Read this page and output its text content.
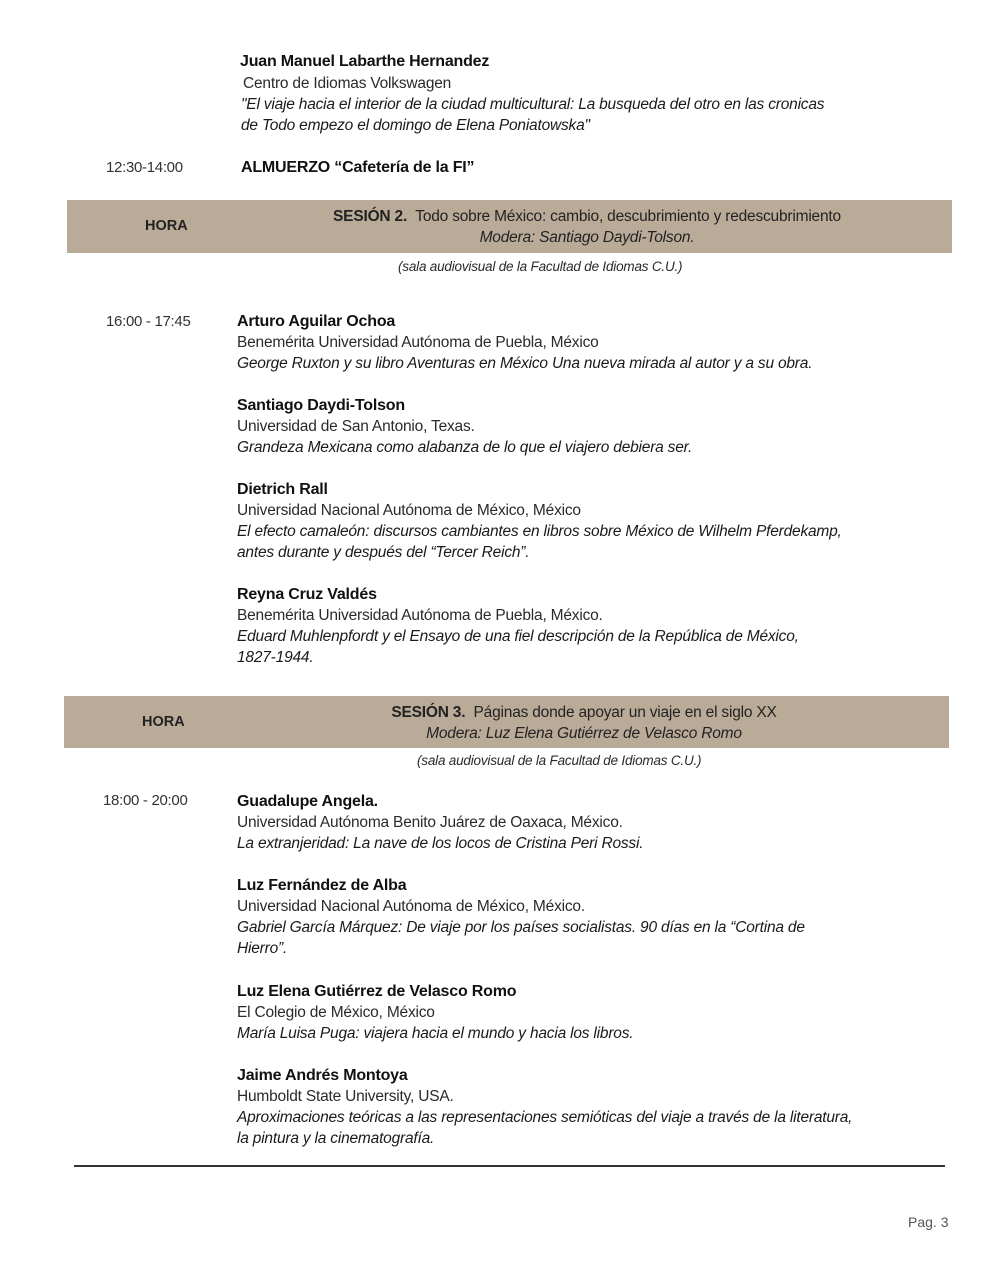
Juan Manuel Labarthe Hernandez
Centro de Idiomas Volkswagen
"El viaje hacia el interior de la ciudad multicultural: La busqueda del otro en las cronicas
de Todo empezo el domingo de Elena Poniatowska"
12:30-14:00	ALMUERZO “Cafetería de la FI”
HORA
SESIÓN 2. Todo sobre México: cambio, descubrimiento y redescubrimiento
Modera: Santiago Daydi-Tolson.
(sala audiovisual de la Facultad de Idiomas C.U.)
16:00 - 17:45	Arturo Aguilar Ochoa
Benemérita Universidad Autónoma de Puebla, México
George Ruxton y su libro Aventuras en México Una nueva mirada al autor y a su obra.
Santiago Daydi-Tolson
Universidad de San Antonio, Texas.
Grandeza Mexicana como alabanza de lo que el viajero debiera ser.
Dietrich Rall
Universidad Nacional Autónoma de México, México
El efecto camaleón: discursos cambiantes en libros sobre México de Wilhelm Pferdekamp,
antes durante y después del “Tercer Reich”.
Reyna Cruz Valdés
Benemérita Universidad Autónoma de Puebla, México.
Eduard Muhlenpfordt y el Ensayo de una fiel descripción de la República de México,
1827-1944.
HORA
SESIÓN 3. Páginas donde apoyar un viaje en el siglo XX
Modera: Luz Elena Gutiérrez de Velasco Romo
(sala audiovisual de la Facultad de Idiomas C.U.)
18:00 - 20:00	Guadalupe Angela.
Universidad Autónoma Benito Juárez de Oaxaca, México.
La extranjeridad: La nave de los locos de Cristina Peri Rossi.
Luz Fernández de Alba
Universidad Nacional Autónoma de México, México.
Gabriel García Márquez: De viaje por los países socialistas. 90 días en la “Cortina de
Hierro”.
Luz Elena Gutiérrez de Velasco Romo
El Colegio de México, México
María Luisa Puga: viajera hacia el mundo y hacia los libros.
Jaime Andrés Montoya
Humboldt State University, USA.
Aproximaciones teóricas a las representaciones semióticas del viaje a través de la literatura,
la pintura y la cinematografía.
Pag. 3
